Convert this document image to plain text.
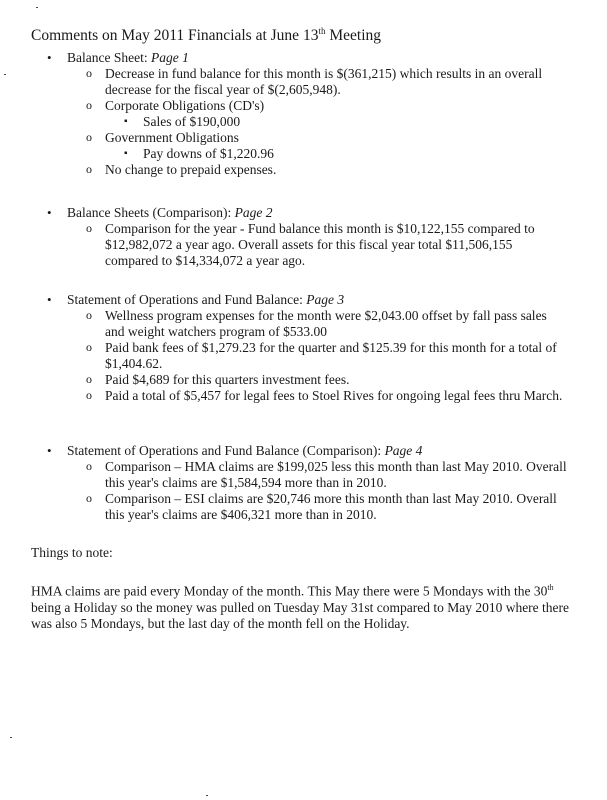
Comments on May 2011 Financials at June 13th Meeting
• Balance Sheet: Page 1
o Decrease in fund balance for this month is $(361,215) which results in an overall decrease for the fiscal year of $(2,605,948).
o Corporate Obligations (CD's)
▪ Sales of $190,000
o Government Obligations
▪ Pay downs of $1,220.96
o No change to prepaid expenses.
• Balance Sheets (Comparison): Page 2
o Comparison for the year - Fund balance this month is $10,122,155 compared to $12,982,072 a year ago. Overall assets for this fiscal year total $11,506,155 compared to $14,334,072 a year ago.
• Statement of Operations and Fund Balance: Page 3
o Wellness program expenses for the month were $2,043.00 offset by fall pass sales and weight watchers program of $533.00
o Paid bank fees of $1,279.23 for the quarter and $125.39 for this month for a total of $1,404.62.
o Paid $4,689 for this quarters investment fees.
o Paid a total of $5,457 for legal fees to Stoel Rives for ongoing legal fees thru March.
• Statement of Operations and Fund Balance (Comparison): Page 4
o Comparison – HMA claims are $199,025 less this month than last May 2010. Overall this year's claims are $1,584,594 more than in 2010.
o Comparison – ESI claims are $20,746 more this month than last May 2010. Overall this year's claims are $406,321 more than in 2010.
Things to note:
HMA claims are paid every Monday of the month. This May there were 5 Mondays with the 30th being a Holiday so the money was pulled on Tuesday May 31st compared to May 2010 where there was also 5 Mondays, but the last day of the month fell on the Holiday.
